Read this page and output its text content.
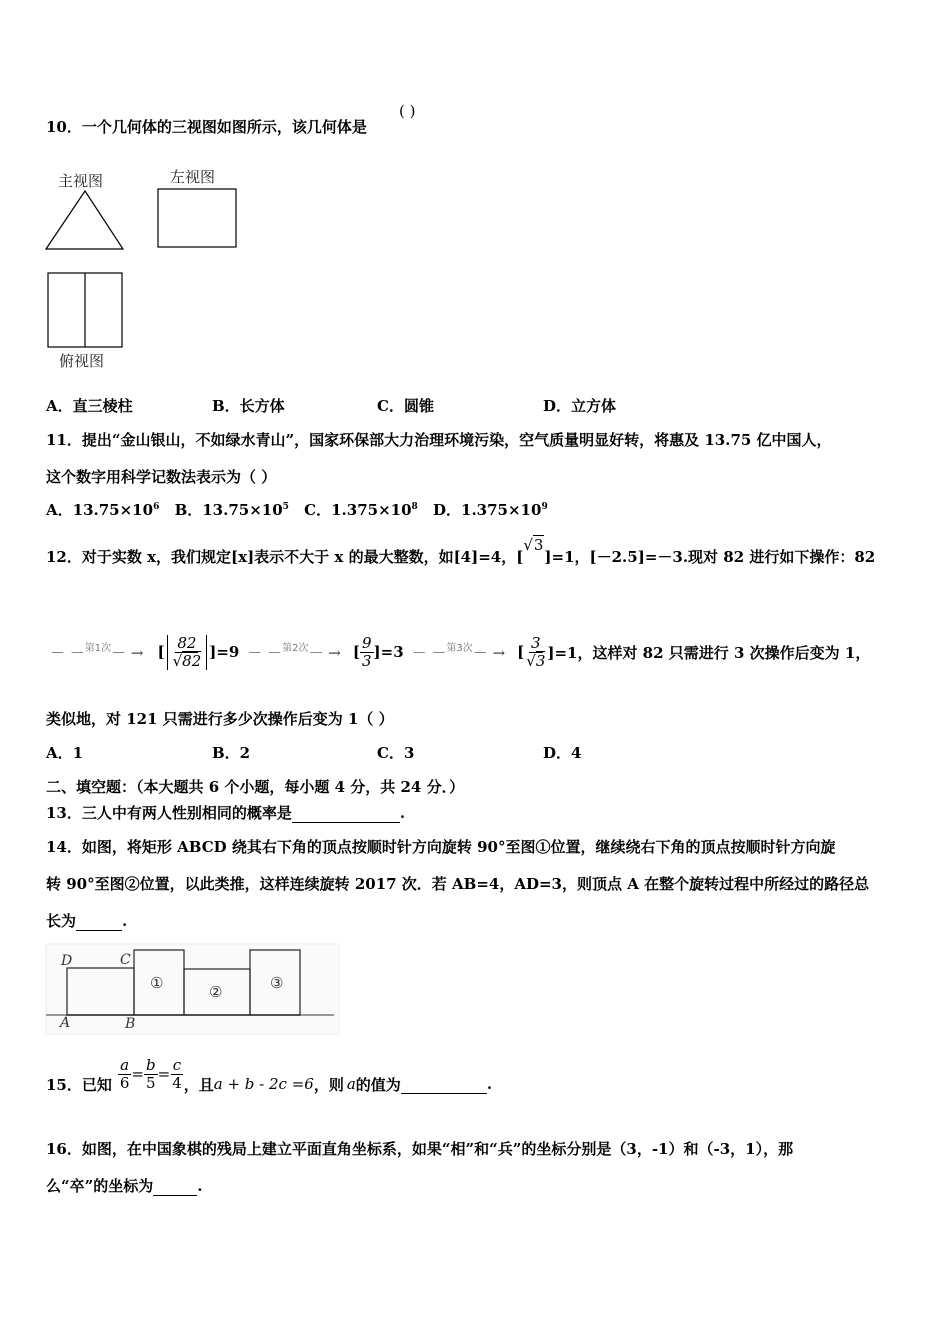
10．一个几何体的三视图如图所示，该几何体是
( )
主视图	左视图
俯视图
A．直三棱柱	B．长方体	C．圆锥	D．立方体
11．提出“金山银山，不如绿水青山”，国家环保部大力治理环境污染，空气质量明显好转，将惠及 13.75 亿中国人，
这个数字用科学记数法表示为（ ）
A．$13.75\times 10^6$ B．$13.75\times 10^5$ C．$1.375\times 10^8$ D．$1.375\times 10^9$
12．对于实数 x，我们规定[x]表示不大于 x 的最大整数，如[4]=4，[√3]=1，[－2.5]=－3.现对 82 进行如下操作：82
－ － 第1次 － → [ $\frac{82}{√82} ]=9$ － － 第2次 － → [ $\frac{9}{3} ]=3$ － － 第3次 － → [ $\frac{3}{√3} ]=1$，这样对 82 只需进行 3 次操作后变为 1，
类似地，对 121 只需进行多少次操作后变为 1（ ）
A．1	B．2	C．3	D．4
二、填空题：（本大题共 6 个小题，每小题 4 分，共 24 分．）
13．三人中有两人性别相同的概率是	.
14．如图，将矩形 ABCD 绕其右下角的顶点按顺时针方向旋转 90°至图①位置，继续绕右下角的顶点按顺时针方向旋
转 90°至图②位置，以此类推，这样连续旋转 2017 次．若 AB=4，AD=3，则顶点 A 在整个旋转过程中所经过的路径总
长为	.
D	C
A	B
①	②	③
15．已知 $\frac{a}{6} = \frac{b}{5} = \frac{c}{4}$ ，且 a + b - 2c =6 ，则 a 的值为
	.
16．如图，在中国象棋的残局上建立平面直角坐标系，如果“相”和“兵”的坐标分别是（3，-1）和（-3，1），那
么“卒”的坐标为	.
